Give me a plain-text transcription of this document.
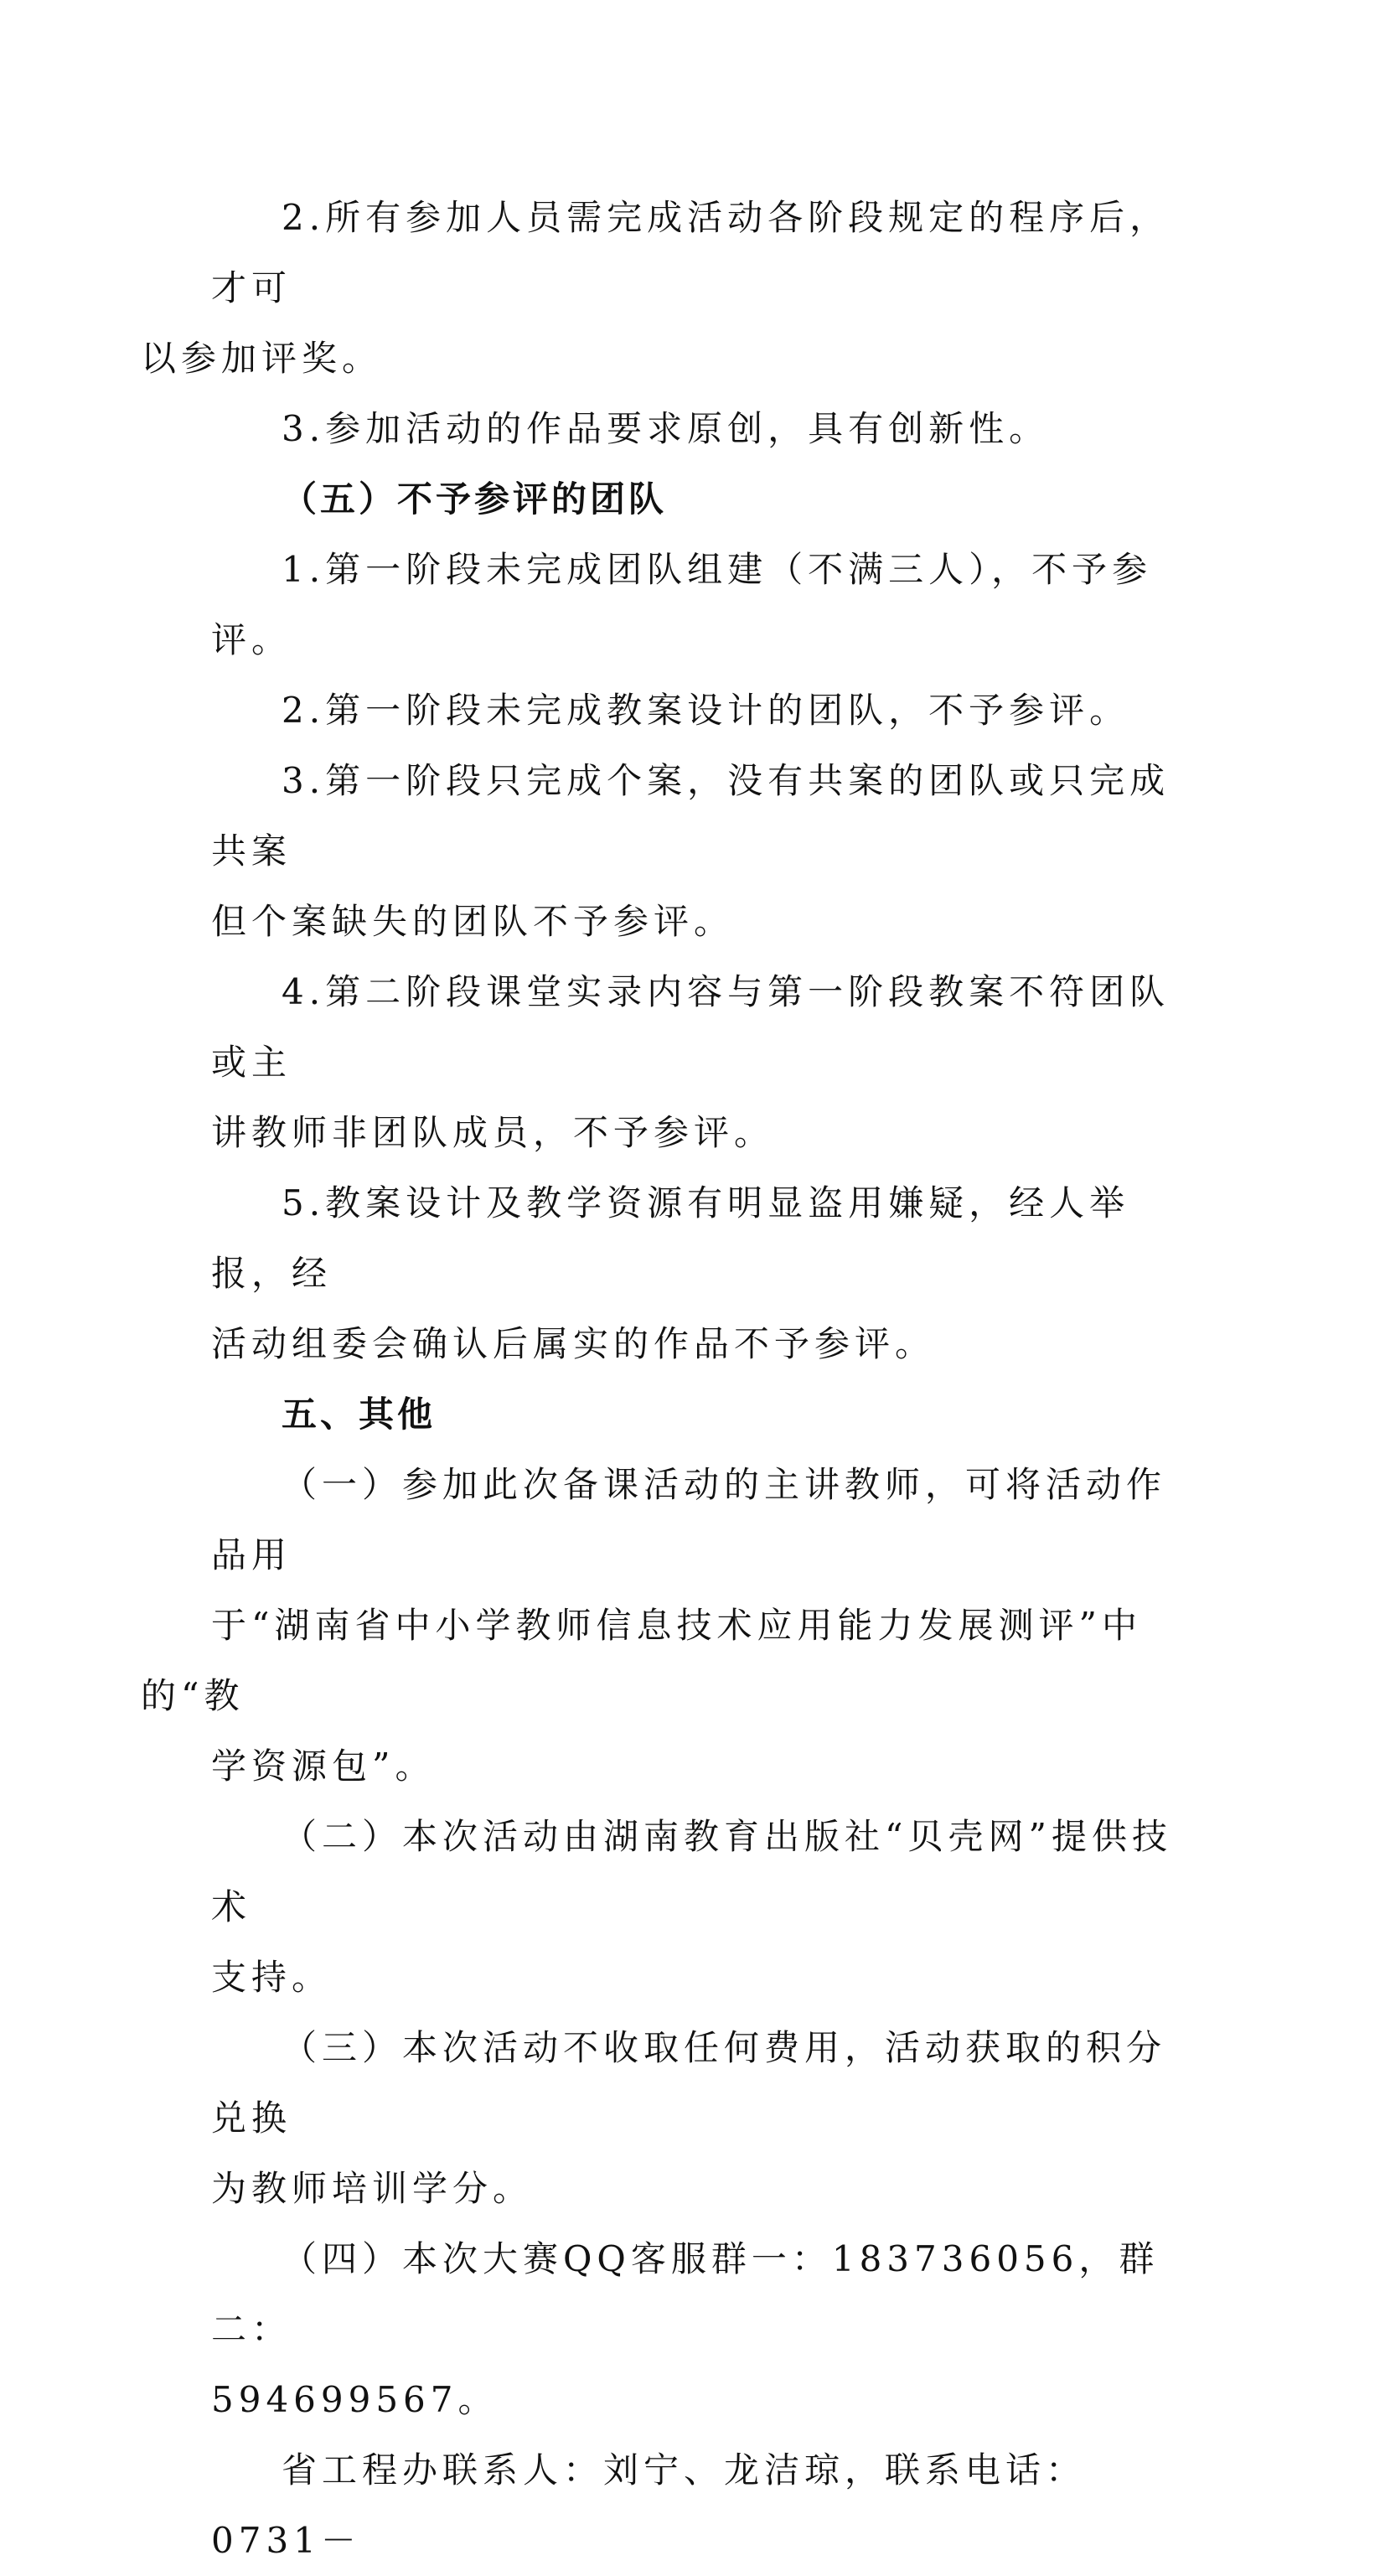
2.所有参加人员需完成活动各阶段规定的程序后，才可
以参加评奖。

3.参加活动的作品要求原创，具有创新性。

（五）不予参评的团队

1.第一阶段未完成团队组建（不满三人），不予参评。

2.第一阶段未完成教案设计的团队，不予参评。

3.第一阶段只完成个案，没有共案的团队或只完成共案
但个案缺失的团队不予参评。

4.第二阶段课堂实录内容与第一阶段教案不符团队或主
讲教师非团队成员，不予参评。

5.教案设计及教学资源有明显盗用嫌疑，经人举报，经
活动组委会确认后属实的作品不予参评。

五、其他

（一）参加此次备课活动的主讲教师，可将活动作品用
于“湖南省中小学教师信息技术应用能力发展测评”中的“教
学资源包”。

（二）本次活动由湖南教育出版社“贝壳网”提供技术
支持。

（三）本次活动不收取任何费用，活动获取的积分兑换
为教师培训学分。

（四）本次大赛QQ客服群一：183736056，群二：
594699567。

省工程办联系人：刘宁、龙洁琼，联系电话：0731－
